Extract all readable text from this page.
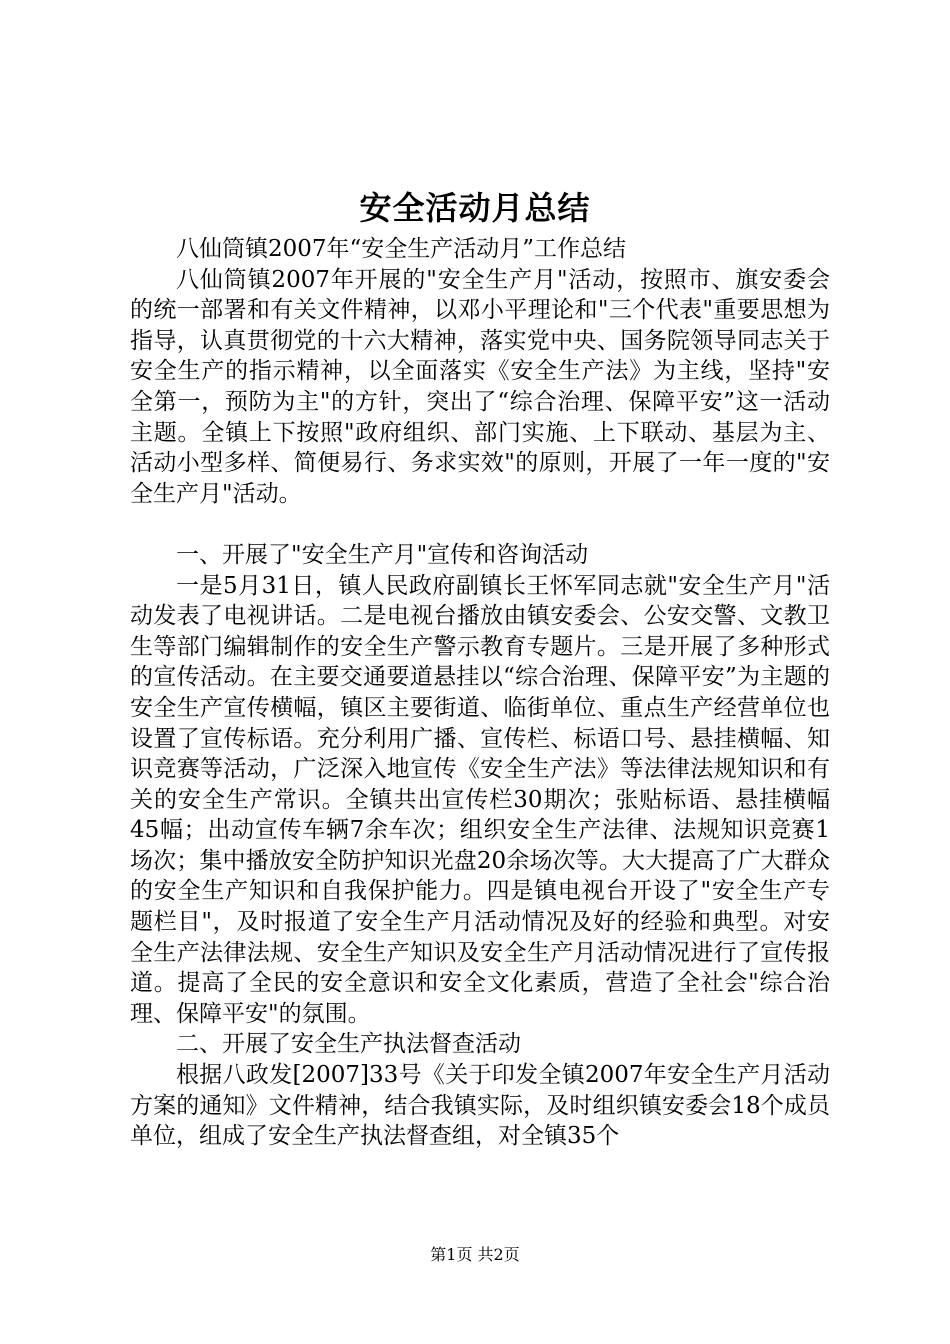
安全活动月总结

八仙筒镇2007年“安全生产活动月”工作总结

八仙筒镇2007年开展的"安全生产月"活动，按照市、旗安委会的统一部署和有关文件精神，以邓小平理论和"三个代表"重要思想为指导，认真贯彻党的十六大精神，落实党中央、国务院领导同志关于安全生产的指示精神，以全面落实《安全生产法》为主线，坚持"安全第一，预防为主"的方针，突出了“综合治理、保障平安”这一活动主题。全镇上下按照"政府组织、部门实施、上下联动、基层为主、活动小型多样、简便易行、务求实效"的原则，开展了一年一度的"安全生产月"活动。

一、开展了"安全生产月"宣传和咨询活动

一是5月31日，镇人民政府副镇长王怀军同志就"安全生产月"活动发表了电视讲话。二是电视台播放由镇安委会、公安交警、文教卫生等部门编辑制作的安全生产警示教育专题片。三是开展了多种形式的宣传活动。在主要交通要道悬挂以“综合治理、保障平安”为主题的安全生产宣传横幅，镇区主要街道、临街单位、重点生产经营单位也设置了宣传标语。充分利用广播、宣传栏、标语口号、悬挂横幅、知识竞赛等活动，广泛深入地宣传《安全生产法》等法律法规知识和有关的安全生产常识。全镇共出宣传栏30期次；张贴标语、悬挂横幅45幅；出动宣传车辆7余车次；组织安全生产法律、法规知识竞赛1场次；集中播放安全防护知识光盘20余场次等。大大提高了广大群众的安全生产知识和自我保护能力。四是镇电视台开设了"安全生产专题栏目"，及时报道了安全生产月活动情况及好的经验和典型。对安全生产法律法规、安全生产知识及安全生产月活动情况进行了宣传报道。提高了全民的安全意识和安全文化素质，营造了全社会"综合治理、保障平安"的氛围。

二、开展了安全生产执法督查活动

根据八政发[2007]33号《关于印发全镇2007年安全生产月活动方案的通知》文件精神，结合我镇实际，及时组织镇安委会18个成员单位，组成了安全生产执法督查组，对全镇35个

第1页 共2页
